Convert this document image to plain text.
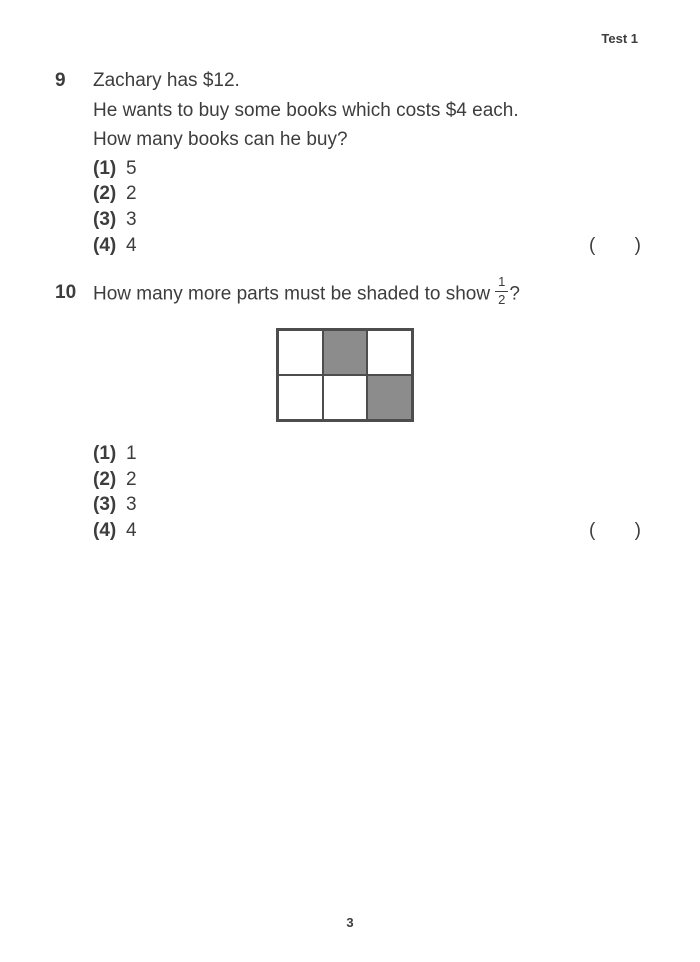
Test 1
9	Zachary has $12.

He wants to buy some books which costs $4 each.

How many books can he buy?

(1) 5
(2) 2
(3) 3
(4) 4	( )
10 How many more parts must be shaded to show $\frac{1}{2}$ ?

(1) 1
(2) 2
(3) 3
(4) 4	( )
3
